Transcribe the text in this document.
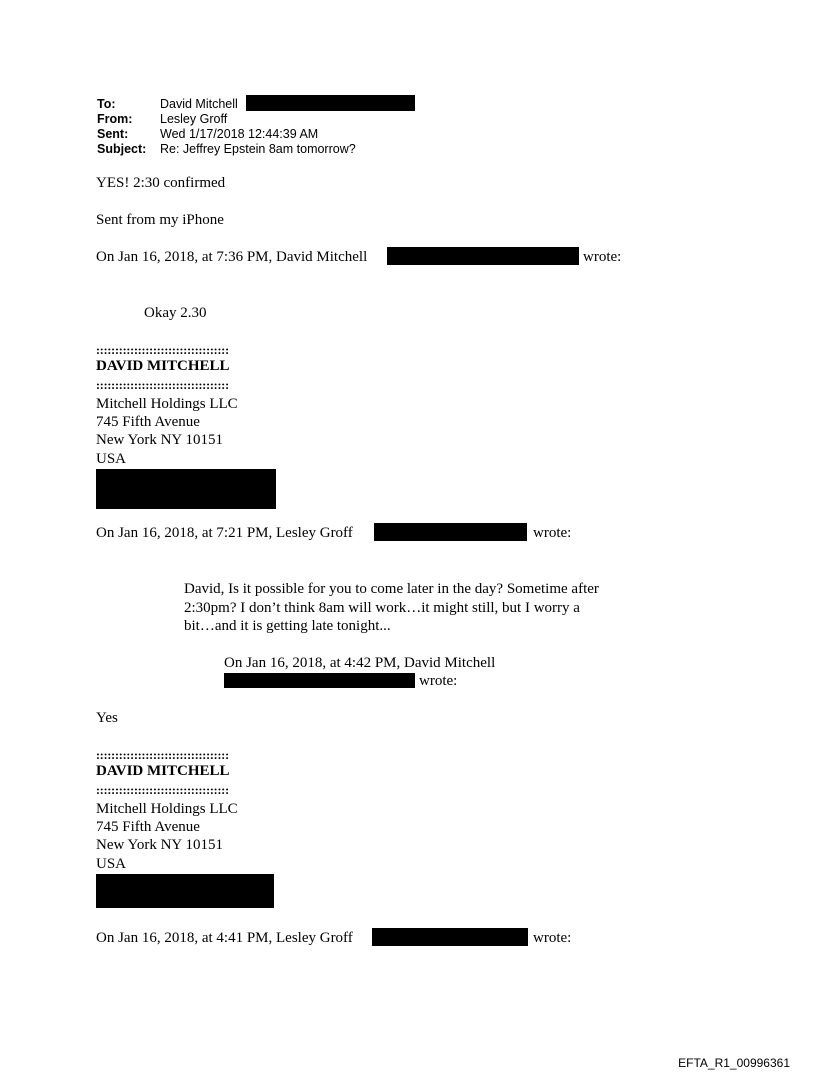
To:	David Mitchell
From: Lesley Groff
Sent:	Wed 1/17/2018 12:44:39 AM
Subject: Re: Jeffrey Epstein 8am tomorrow?
YES! 2:30 confirmed
Sent from my iPhone
On Jan 16, 2018, at 7:36 PM, David Mitchell	wrote:
Okay 2.30
:::::::::::::::::::::::::::::::::::
DAVID MITCHELL
:::::::::::::::::::::::::::::::::::
Mitchell Holdings LLC
745 Fifth Avenue
New York NY 10151
USA
On Jan 16, 2018, at 7:21 PM, Lesley Groff	wrote:
David, Is it possible for you to come later in the day? Sometime after
2:30pm? I don’t think 8am will work…it might still, but I worry a
bit…and it is getting late tonight...
On Jan 16, 2018, at 4:42 PM, David Mitchell
wrote:
Yes
:::::::::::::::::::::::::::::::::::
DAVID MITCHELL
:::::::::::::::::::::::::::::::::::
Mitchell Holdings LLC
745 Fifth Avenue
New York NY 10151
USA
On Jan 16, 2018, at 4:41 PM, Lesley Groff	wrote:
EFTA_R1_00996361
